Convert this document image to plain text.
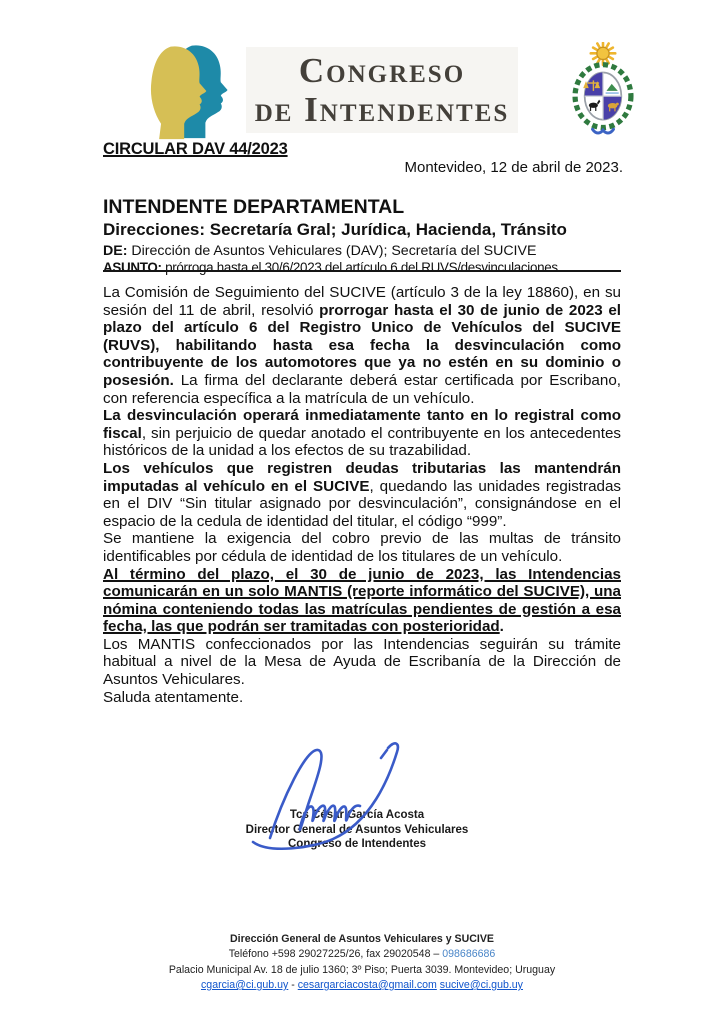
Congreso
de Intendentes
CIRCULAR DAV 44/2023
Montevideo, 12 de abril de 2023.
INTENDENTE DEPARTAMENTAL
Direcciones: Secretaría Gral; Jurídica, Hacienda, Tránsito
DE: Dirección de Asuntos Vehiculares (DAV); Secretaría del SUCIVE
ASUNTO: prórroga hasta el 30/6/2023 del artículo 6 del RUVS/desvinculaciones

La Comisión de Seguimiento del SUCIVE (artículo 3 de la ley 18860), en su sesión del 11 de abril, resolvió prorrogar hasta el 30 de junio de 2023 el plazo del artículo 6 del Registro Unico de Vehículos del SUCIVE (RUVS), habilitando hasta esa fecha la desvinculación como contribuyente de los automotores que ya no estén en su dominio o posesión. La firma del declarante deberá estar certificada por Escribano, con referencia específica a la matrícula de un vehículo.

La desvinculación operará inmediatamente tanto en lo registral como fiscal, sin perjuicio de quedar anotado el contribuyente en los antecedentes históricos de la unidad a los efectos de su trazabilidad.

Los vehículos que registren deudas tributarias las mantendrán imputadas al vehículo en el SUCIVE, quedando las unidades registradas en el DIV “Sin titular asignado por desvinculación”, consignándose en el espacio de la cedula de identidad del titular, el código “999”.

Se mantiene la exigencia del cobro previo de las multas de tránsito identificables por cédula de identidad de los titulares de un vehículo.

Al término del plazo, el 30 de junio de 2023, las Intendencias comunicarán en un solo MANTIS (reporte informático del SUCIVE), una nómina conteniendo todas las matrículas pendientes de gestión a esa fecha, las que podrán ser tramitadas con posterioridad.

Los MANTIS confeccionados por las Intendencias seguirán su trámite habitual a nivel de la Mesa de Ayuda de Escribanía de la Dirección de Asuntos Vehiculares.

Saluda atentamente.

Tcs César García Acosta
Director General de Asuntos Vehiculares
Congreso de Intendentes
Dirección General de Asuntos Vehiculares y SUCIVE
Teléfono +598 29027225/26, fax 29020548 – 098686686
Palacio Municipal Av. 18 de julio 1360; 3º Piso; Puerta 3039. Montevideo; Uruguay
cgarcia@ci.gub.uy - cesargarciacosta@gmail.com sucive@ci.gub.uy
